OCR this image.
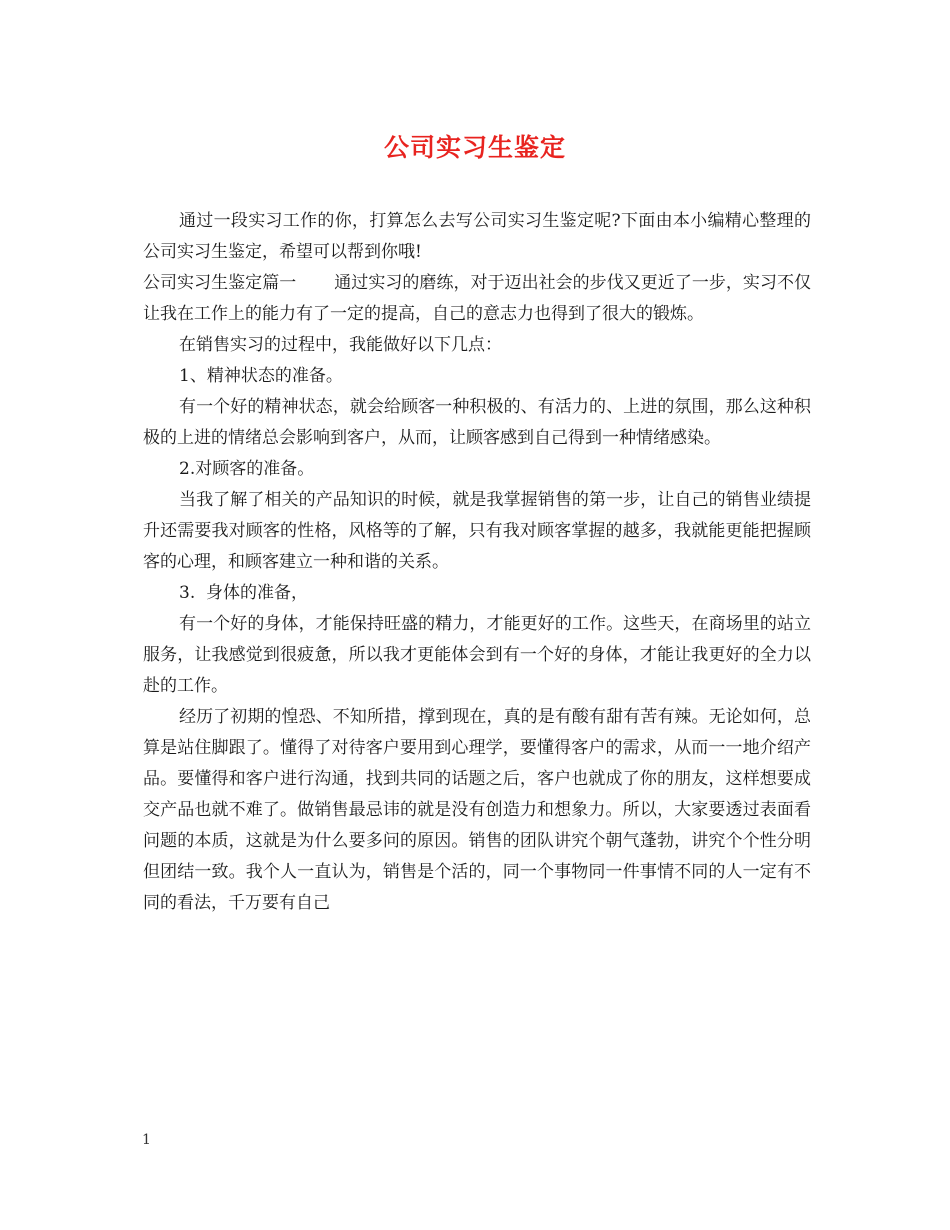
公司实习生鉴定

通过一段实习工作的你，打算怎么去写公司实习生鉴定呢?下面由本小编精心整理的公司实习生鉴定，希望可以帮到你哦!

公司实习生鉴定篇一 通过实习的磨练，对于迈出社会的步伐又更近了一步，实习不仅让我在工作上的能力有了一定的提高，自己的意志力也得到了很大的锻炼。

在销售实习的过程中，我能做好以下几点：

1、精神状态的准备。

有一个好的精神状态，就会给顾客一种积极的、有活力的、上进的氛围，那么这种积极的上进的情绪总会影响到客户，从而，让顾客感到自己得到一种情绪感染。

2.对顾客的准备。

当我了解了相关的产品知识的时候，就是我掌握销售的第一步，让自己的销售业绩提升还需要我对顾客的性格，风格等的了解，只有我对顾客掌握的越多，我就能更能把握顾客的心理，和顾客建立一种和谐的关系。

3.  身体的准备，

有一个好的身体，才能保持旺盛的精力，才能更好的工作。这些天，在商场里的站立服务，让我感觉到很疲惫，所以我才更能体会到有一个好的身体，才能让我更好的全力以赴的工作。

经历了初期的惶恐、不知所措，撑到现在，真的是有酸有甜有苦有辣。无论如何，总算是站住脚跟了。懂得了对待客户要用到心理学，要懂得客户的需求，从而一一地介绍产品。要懂得和客户进行沟通，找到共同的话题之后，客户也就成了你的朋友，这样想要成交产品也就不难了。做销售最忌讳的就是没有创造力和想象力。所以，大家要透过表面看问题的本质，这就是为什么要多问的原因。销售的团队讲究个朝气蓬勃，讲究个个性分明但团结一致。我个人一直认为，销售是个活的，同一个事物同一件事情不同的人一定有不同的看法，千万要有自己

1
